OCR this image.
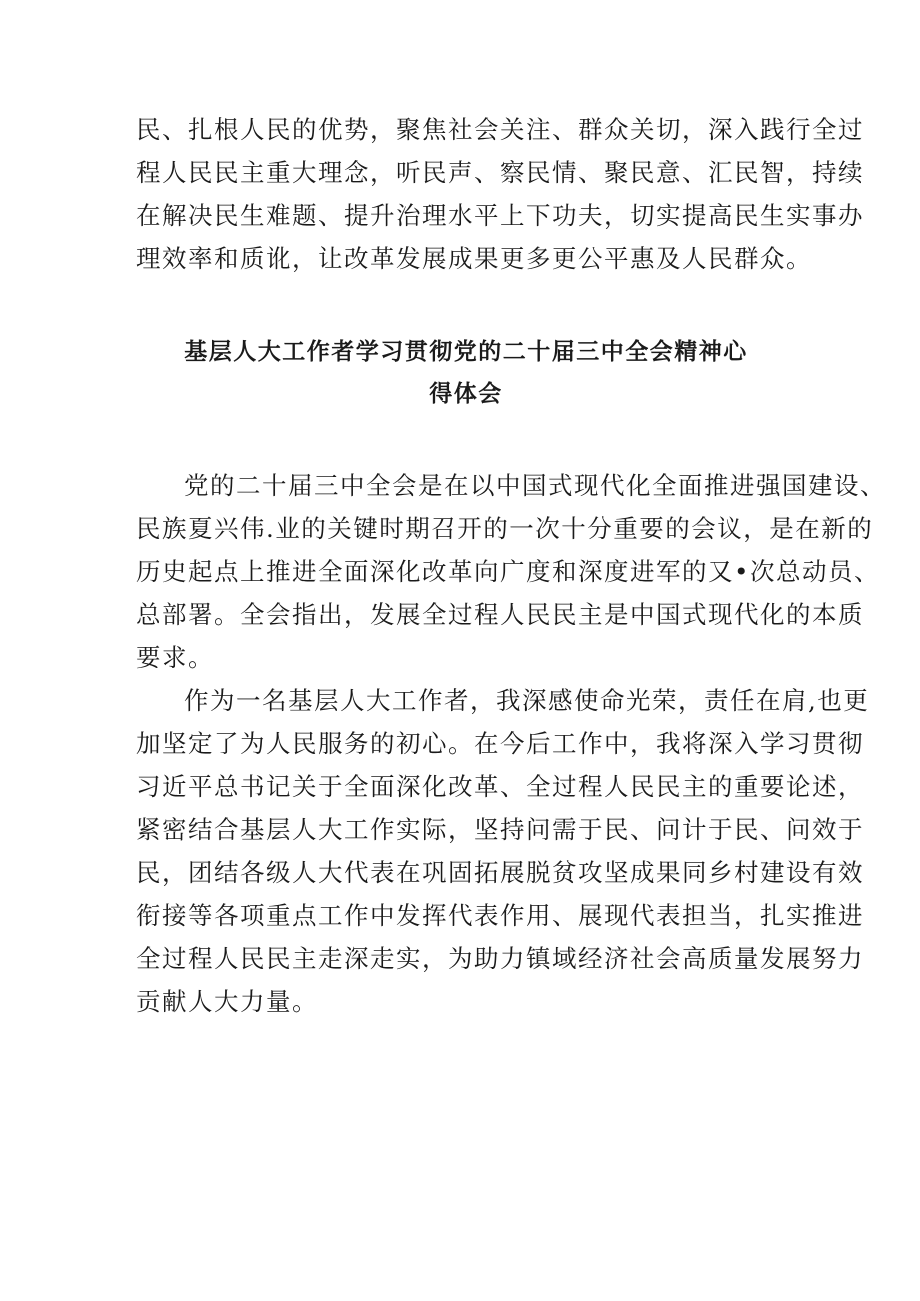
民、扎根人民的优势，聚焦社会关注、群众关切，深入践行全过
程人民民主重大理念，听民声、察民情、聚民意、汇民智，持续
在解决民生难题、提升治理水平上下功夫，切实提高民生实事办
理效率和质讹，让改革发展成果更多更公平惠及人民群众。
基层人大工作者学习贯彻党的二十届三中全会精神心
得体会
党的二十届三中全会是在以中国式现代化全面推进强国建设、
民族夏兴伟.业的关键时期召开的一次十分重要的会议，是在新的
历史起点上推进全面深化改革向广度和深度进军的又•次总动员、
总部署。全会指出，发展全过程人民民主是中国式现代化的本质
要求。
作为一名基层人大工作者，我深感使命光荣，责任在肩,也更
加坚定了为人民服务的初心。在今后工作中，我将深入学习贯彻
习近平总书记关于全面深化改革、全过程人民民主的重要论述，
紧密结合基层人大工作实际，坚持问需于民、问计于民、问效于
民，团结各级人大代表在巩固拓展脱贫攻坚成果同乡村建设有效
衔接等各项重点工作中发挥代表作用、展现代表担当，扎实推进
全过程人民民主走深走实，为助力镇域经济社会高质量发展努力
贡献人大力量。
